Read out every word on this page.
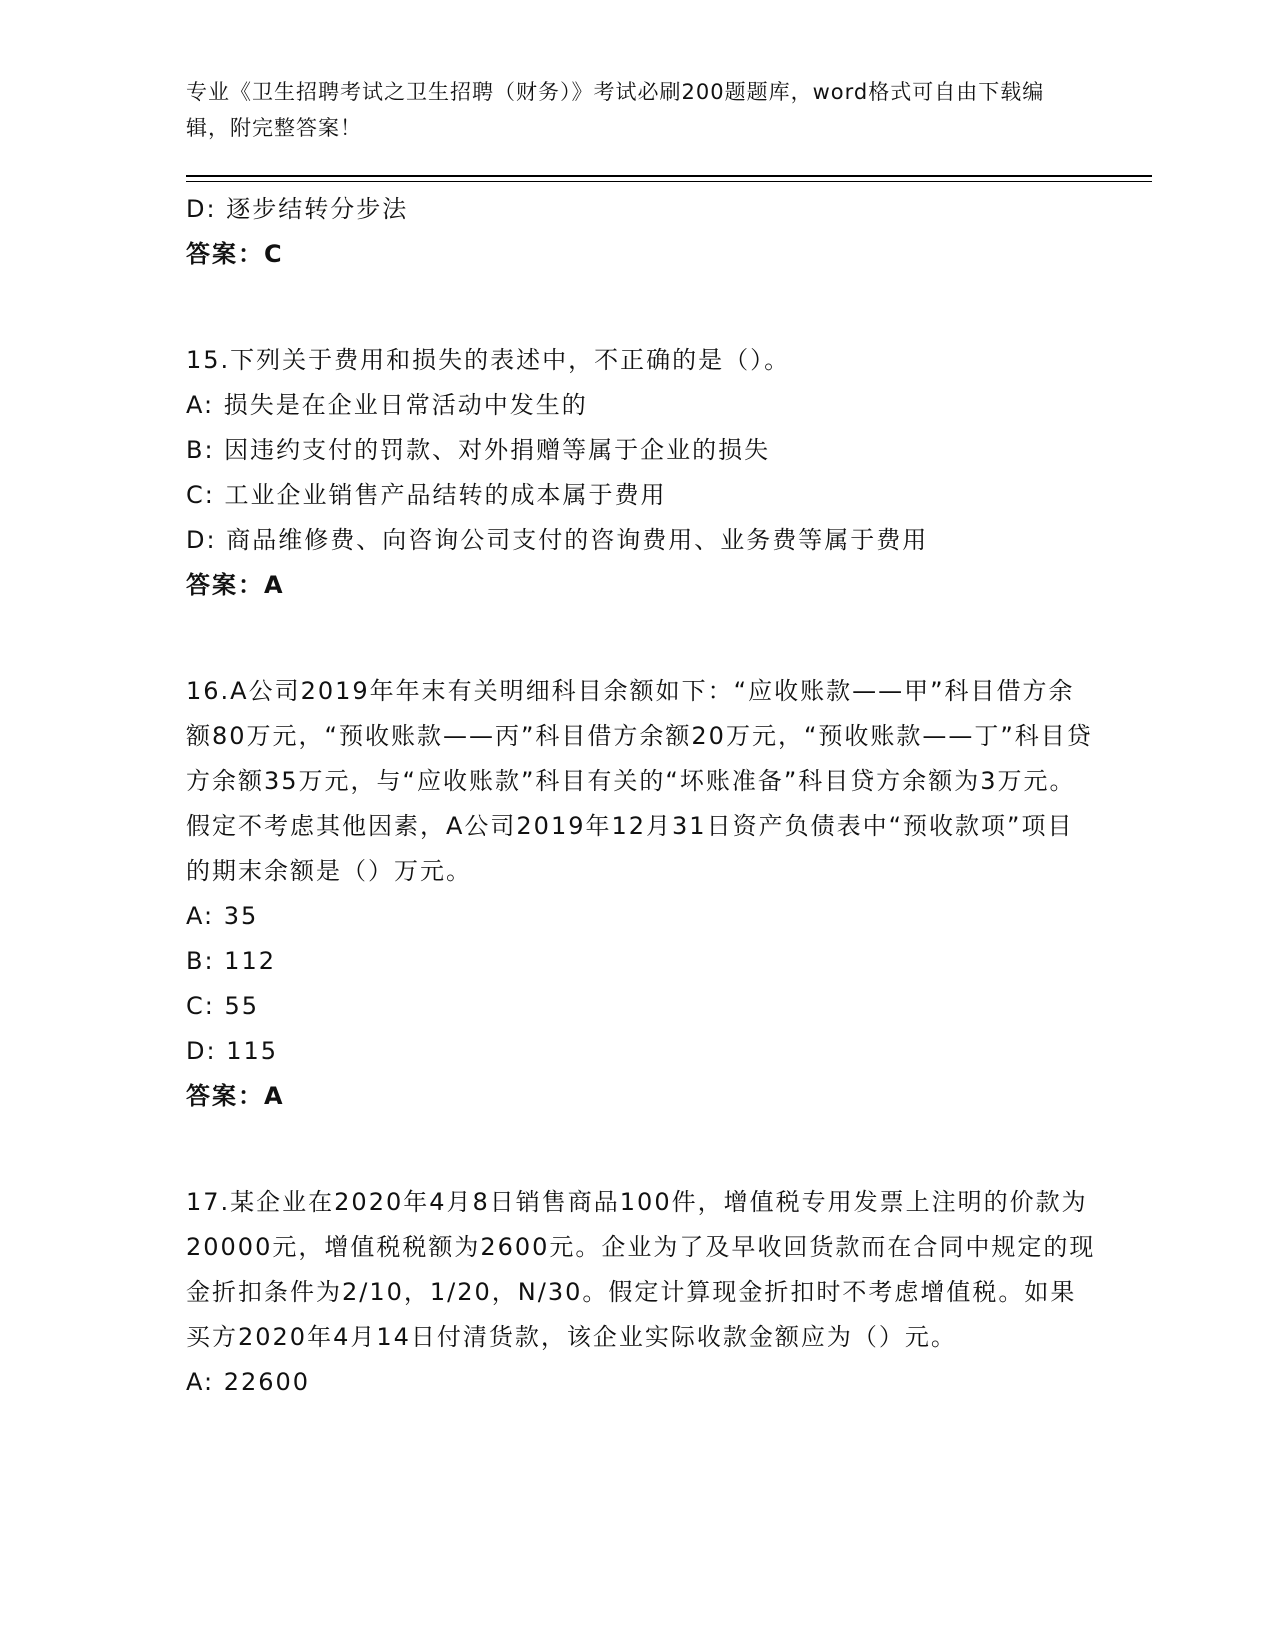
专业《卫生招聘考试之卫生招聘（财务）》考试必刷200题题库，word格式可自由下载编辑，附完整答案！
D: 逐步结转分步法
答案：C
15.下列关于费用和损失的表述中，不正确的是（）。
A: 损失是在企业日常活动中发生的
B: 因违约支付的罚款、对外捐赠等属于企业的损失
C: 工业企业销售产品结转的成本属于费用
D: 商品维修费、向咨询公司支付的咨询费用、业务费等属于费用
答案：A
16.A公司2019年年末有关明细科目余额如下：“应收账款——甲”科目借方余额80万元，“预收账款——丙”科目借方余额20万元，“预收账款——丁”科目贷方余额35万元，与“应收账款”科目有关的“坏账准备”科目贷方余额为3万元。假定不考虑其他因素，A公司2019年12月31日资产负债表中“预收款项”项目的期末余额是（）万元。
A: 35
B: 112
C: 55
D: 115
答案：A
17.某企业在2020年4月8日销售商品100件，增值税专用发票上注明的价款为20000元，增值税税额为2600元。企业为了及早收回货款而在合同中规定的现金折扣条件为2/10，1/20，N/30。假定计算现金折扣时不考虑增值税。如果买方2020年4月14日付清货款，该企业实际收款金额应为（）元。
A: 22600
